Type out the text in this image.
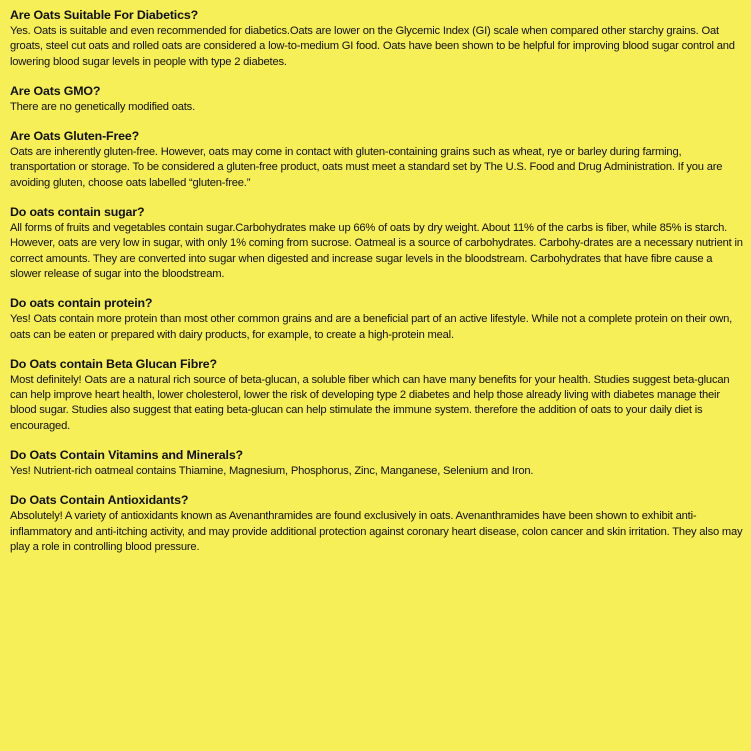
Are Oats Suitable For Diabetics?

Yes. Oats is suitable and even recommended for diabetics.Oats are lower on the Glycemic Index (GI) scale when compared other starchy grains. Oat groats, steel cut oats and rolled oats are considered a low-to-medium GI food. Oats have been shown to be helpful for improving blood sugar control and lowering blood sugar levels in people with type 2 diabetes.

Are Oats GMO?

There are no genetically modified oats.

Are Oats Gluten-Free?

Oats are inherently gluten-free. However, oats may come in contact with gluten-containing grains such as wheat, rye or barley during farming, transportation or storage. To be considered a gluten-free product, oats must meet a standard set by The U.S. Food and Drug Administration. If you are avoiding gluten, choose oats labelled “gluten-free.”

Do oats contain sugar?

All forms of fruits and vegetables contain sugar.Carbohydrates make up 66% of oats by dry weight. About 11% of the carbs is fiber, while 85% is starch. However, oats are very low in sugar, with only 1% coming from sucrose. Oatmeal is a source of carbohydrates. Carbohy-drates are a necessary nutrient in correct amounts. They are converted into sugar when digested and increase sugar levels in the bloodstream. Carbohydrates that have fibre cause a slower release of sugar into the bloodstream.

Do oats contain protein?

Yes! Oats contain more protein than most other common grains and are a beneficial part of an active lifestyle. While not a complete protein on their own, oats can be eaten or prepared with dairy products, for example, to create a high-protein meal.

Do Oats contain Beta Glucan Fibre?

Most definitely! Oats are a natural rich source of beta-glucan, a soluble fiber which can have many benefits for your health. Studies suggest beta-glucan can help improve heart health, lower cholesterol, lower the risk of developing type 2 diabetes and help those already living with diabetes manage their blood sugar. Studies also suggest that eating beta-glucan can help stimulate the immune system. therefore the addition of oats to your daily diet is encouraged.

Do Oats Contain Vitamins and Minerals?

Yes! Nutrient-rich oatmeal contains Thiamine, Magnesium, Phosphorus, Zinc, Manganese, Selenium and Iron.

Do Oats Contain Antioxidants?

Absolutely! A variety of antioxidants known as Avenanthramides are found exclusively in oats. Avenanthramides have been shown to exhibit anti-inflammatory and anti-itching activity, and may provide additional protection against coronary heart disease, colon cancer and skin irritation. They also may play a role in controlling blood pressure.
